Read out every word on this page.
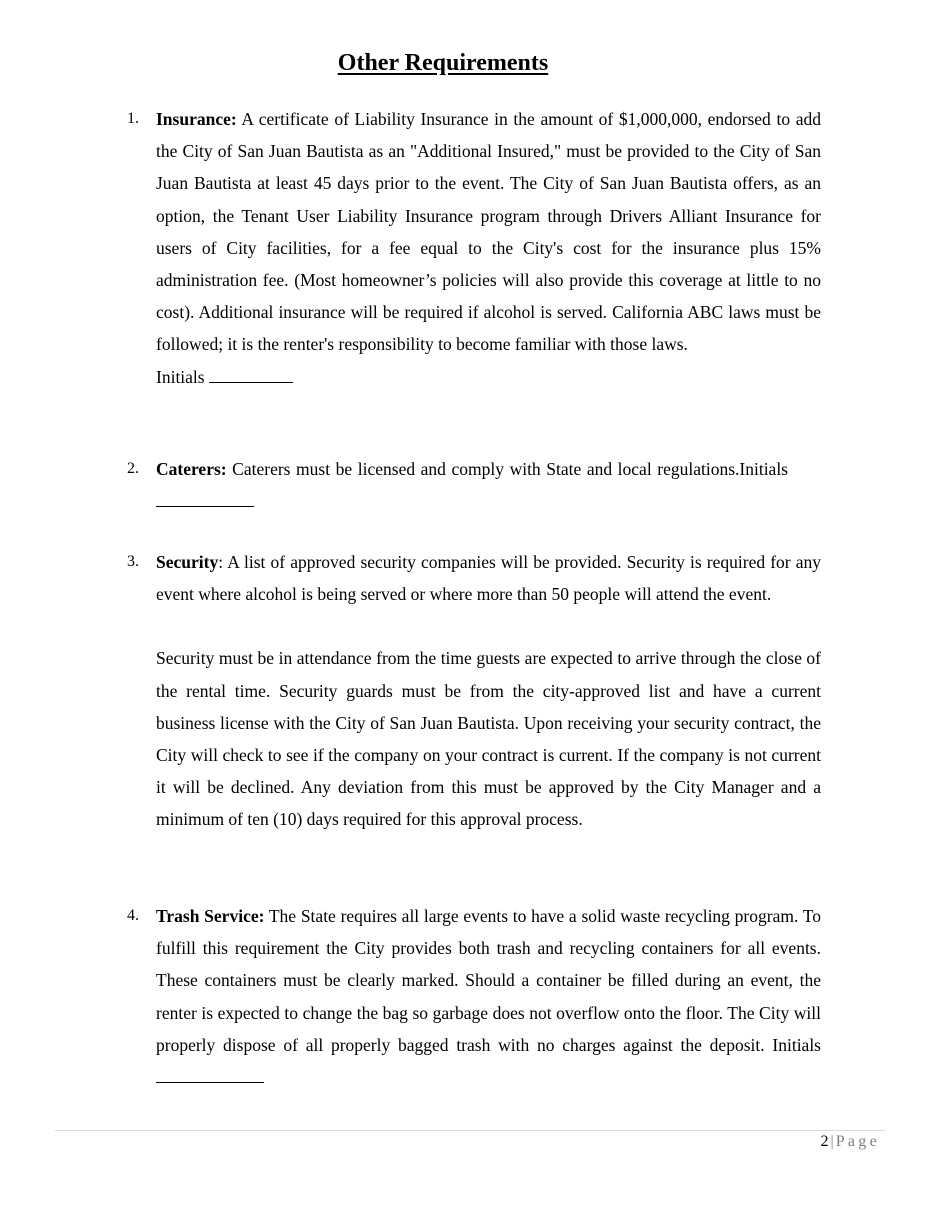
Other Requirements
1. Insurance: A certificate of Liability Insurance in the amount of $1,000,000, endorsed to add the City of San Juan Bautista as an "Additional Insured," must be provided to the City of San Juan Bautista at least 45 days prior to the event. The City of San Juan Bautista offers, as an option, the Tenant User Liability Insurance program through Drivers Alliant Insurance for users of City facilities, for a fee equal to the City's cost for the insurance plus 15% administration fee. (Most homeowner’s policies will also provide this coverage at little to no cost). Additional insurance will be required if alcohol is served. California ABC laws must be followed; it is the renter's responsibility to become familiar with those laws.
Initials

2. Caterers: Caterers must be licensed and comply with State and local regulations.Initials

3. Security: A list of approved security companies will be provided. Security is required for any event where alcohol is being served or where more than 50 people will attend the event.

Security must be in attendance from the time guests are expected to arrive through the close of the rental time. Security guards must be from the city-approved list and have a current business license with the City of San Juan Bautista. Upon receiving your security contract, the City will check to see if the company on your contract is current. If the company is not current it will be declined. Any deviation from this must be approved by the City Manager and a minimum of ten (10) days required for this approval process.

4. Trash Service: The State requires all large events to have a solid waste recycling program. To fulfill this requirement the City provides both trash and recycling containers for all events. These containers must be clearly marked. Should a container be filled during an event, the renter is expected to change the bag so garbage does not overflow onto the floor. The City will properly dispose of all properly bagged trash with no charges against the deposit. Initials

2 | Page
